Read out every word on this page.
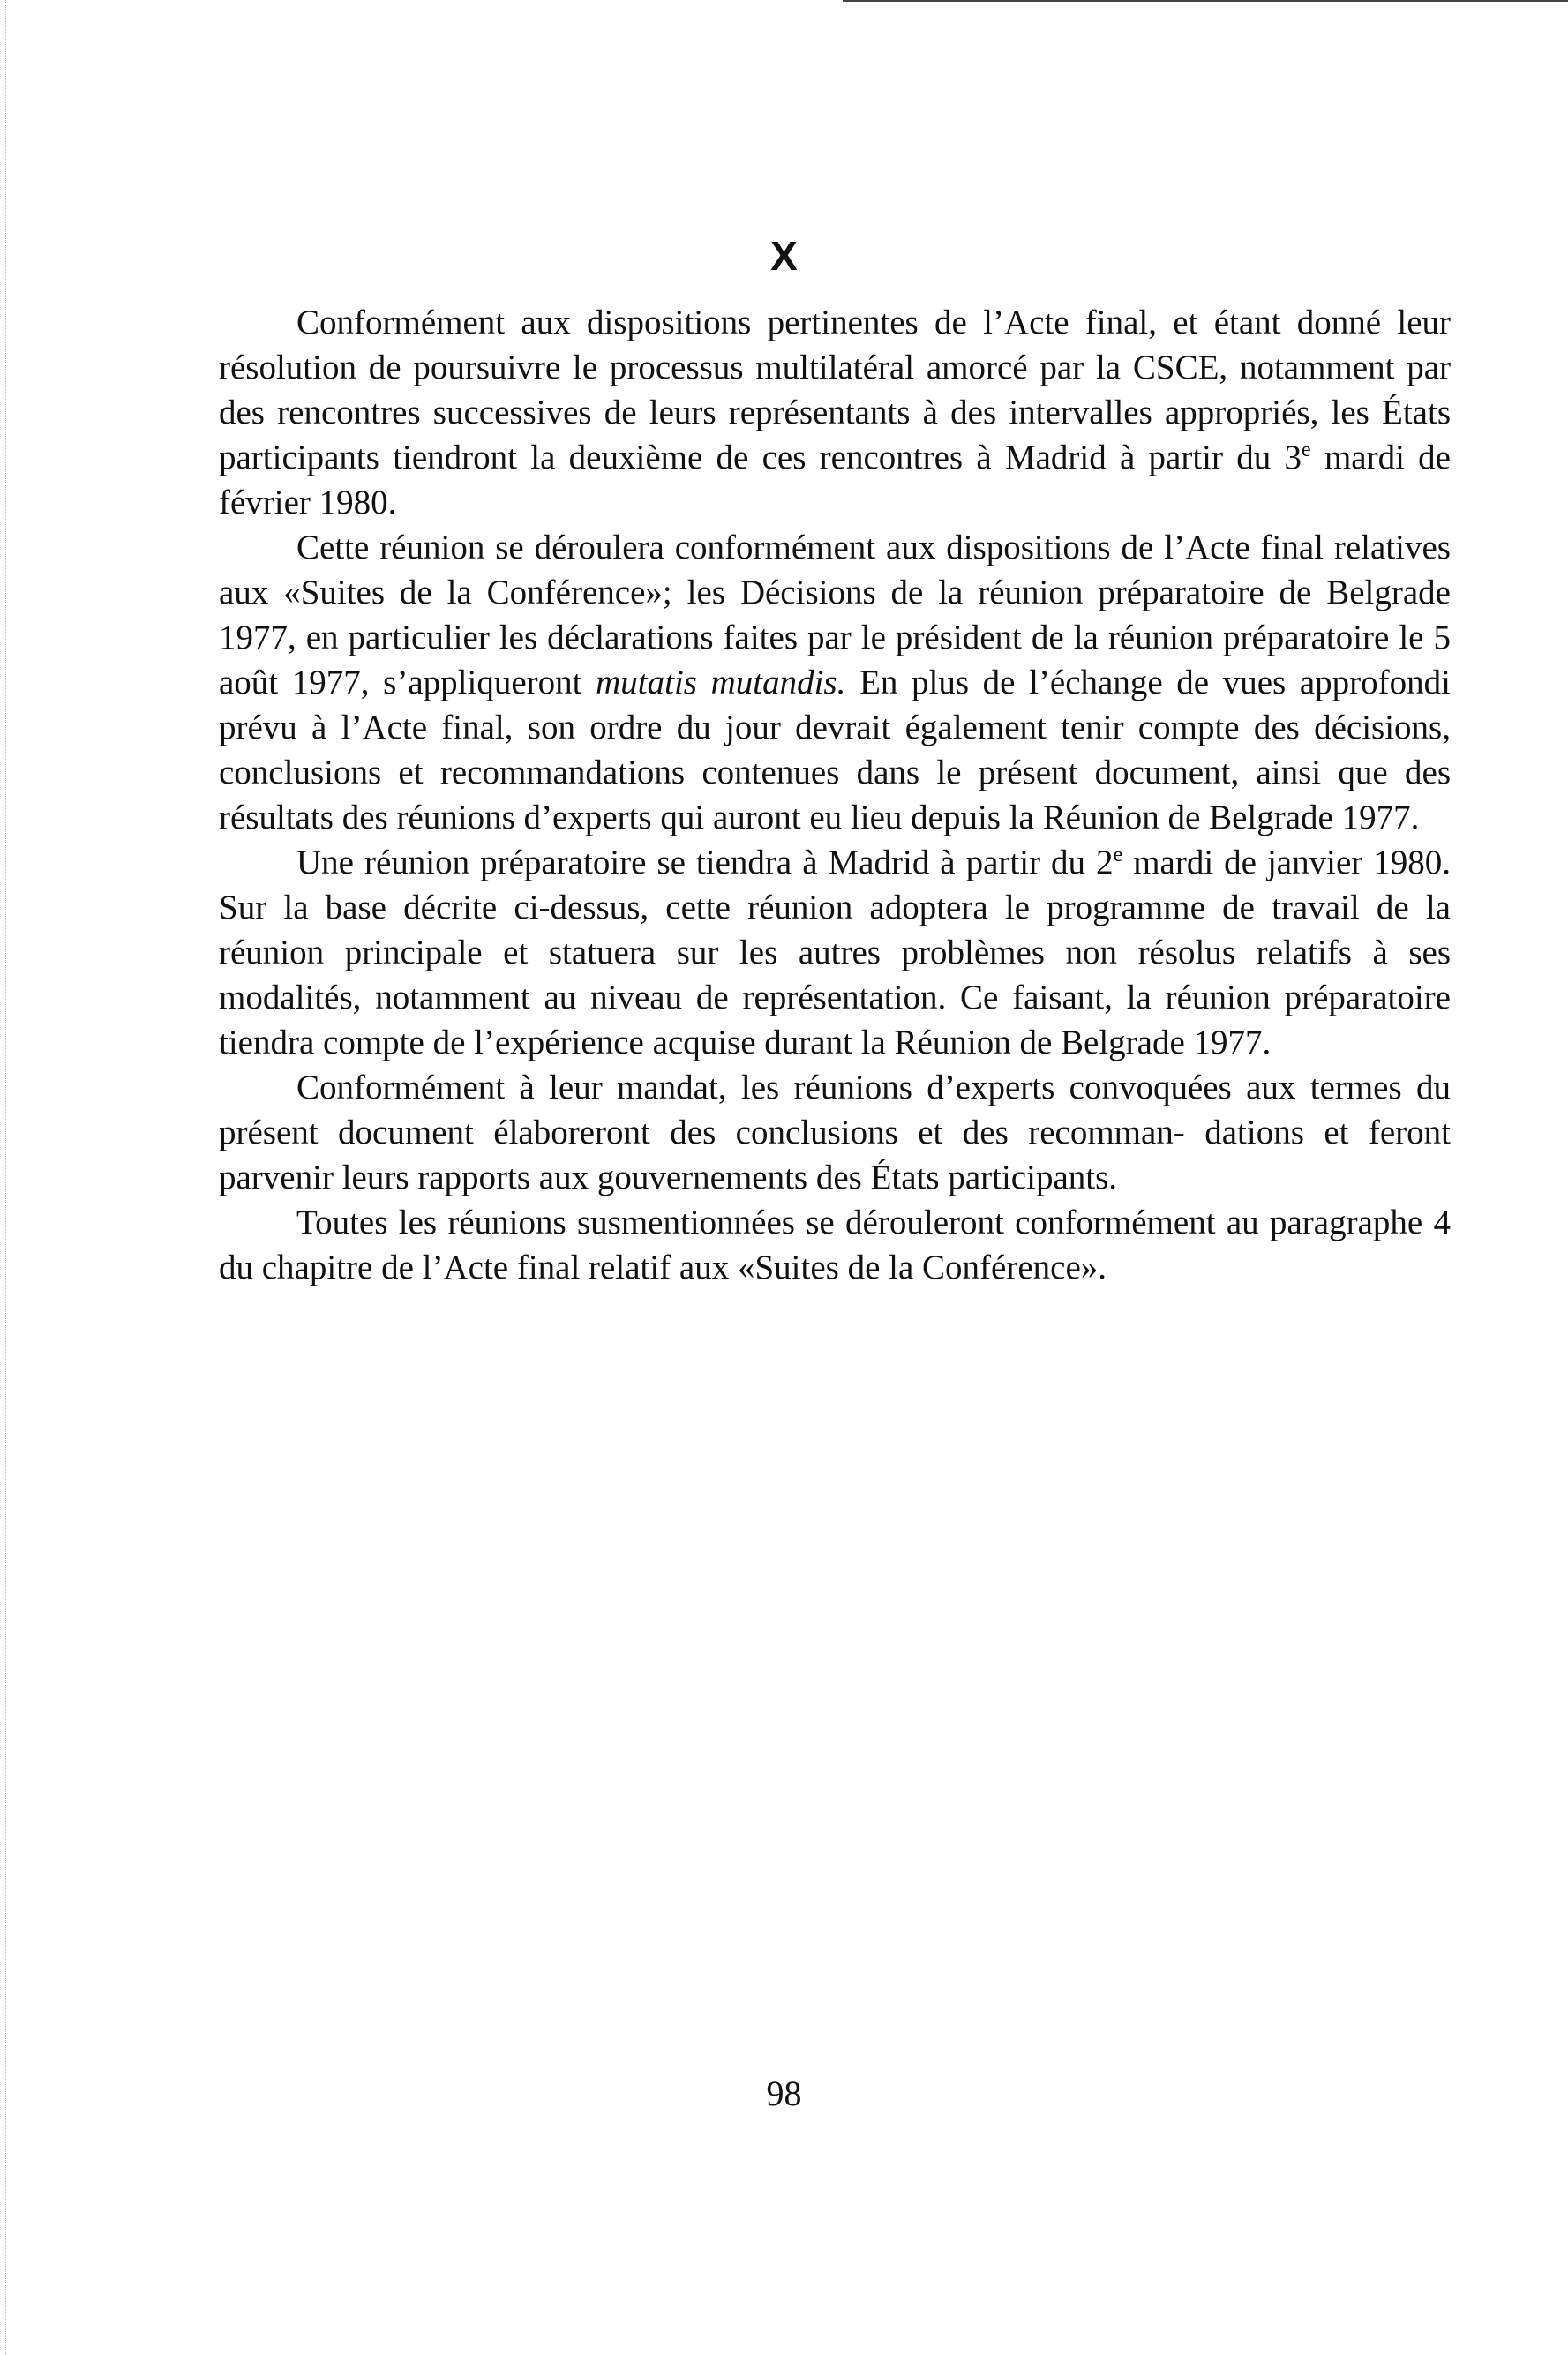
X

Conformément aux dispositions pertinentes de l’Acte final, et étant donné leur résolution de poursuivre le processus multilatéral amorcé par la CSCE, notamment par des rencontres successives de leurs représentants à des intervalles appropriés, les États participants tiendront la deuxième de ces rencontres à Madrid à partir du 3e mardi de février 1980.

Cette réunion se déroulera conformément aux dispositions de l’Acte final relatives aux «Suites de la Conférence»; les Décisions de la réunion préparatoire de Belgrade 1977, en particulier les déclarations faites par le président de la réunion préparatoire le 5 août 1977, s’appliqueront mutatis mutandis. En plus de l’échange de vues approfondi prévu à l’Acte final, son ordre du jour devrait également tenir compte des décisions, conclusions et recommandations contenues dans le présent document, ainsi que des résultats des réunions d’experts qui auront eu lieu depuis la Réunion de Belgrade 1977.

Une réunion préparatoire se tiendra à Madrid à partir du 2e mardi de janvier 1980. Sur la base décrite ci-dessus, cette réunion adoptera le programme de travail de la réunion principale et statuera sur les autres problèmes non résolus relatifs à ses modalités, notamment au niveau de représentation. Ce faisant, la réunion préparatoire tiendra compte de l’expérience acquise durant la Réunion de Belgrade 1977.

Conformément à leur mandat, les réunions d’experts convoquées aux termes du présent document élaboreront des conclusions et des recomman- dations et feront parvenir leurs rapports aux gouvernements des États participants.

Toutes les réunions susmentionnées se dérouleront conformément au paragraphe 4 du chapitre de l’Acte final relatif aux «Suites de la Conférence».

98
